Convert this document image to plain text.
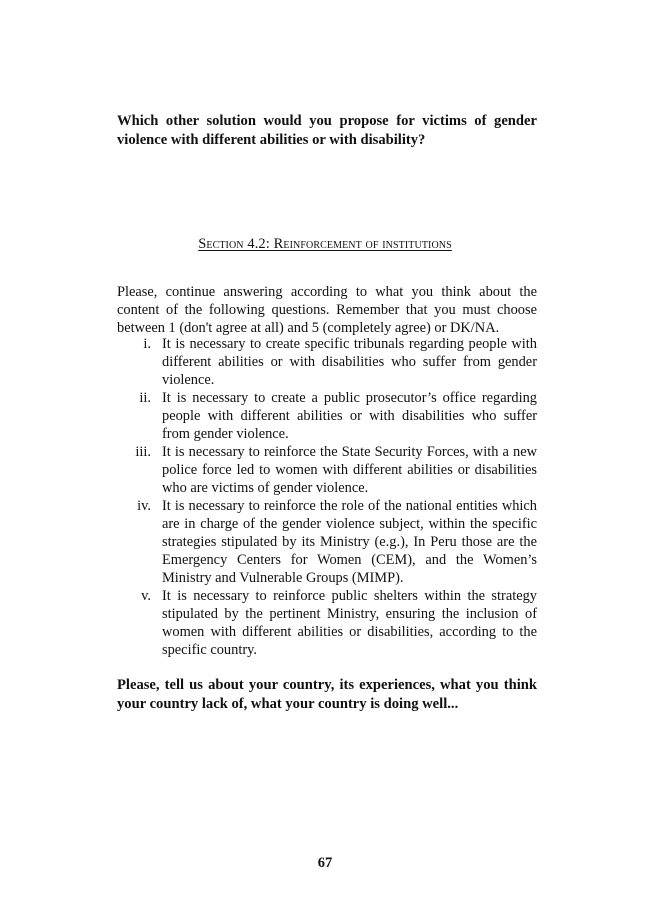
Which other solution would you propose for victims of gender violence with different abilities or with disability?

Section 4.2: Reinforcement of institutions

Please, continue answering according to what you think about the content of the following questions. Remember that you must choose between 1 (don't agree at all) and 5 (completely agree) or DK/NA.

i. It is necessary to create specific tribunals regarding people with different abilities or with disabilities who suffer from gender violence.
ii. It is necessary to create a public prosecutor’s office regarding people with different abilities or with disabilities who suffer from gender violence.
iii. It is necessary to reinforce the State Security Forces, with a new police force led to women with different abilities or disabilities who are victims of gender violence.
iv. It is necessary to reinforce the role of the national entities which are in charge of the gender violence subject, within the specific strategies stipulated by its Ministry (e.g.), In Peru those are the Emergency Centers for Women (CEM), and the Women’s Ministry and Vulnerable Groups (MIMP).
v. It is necessary to reinforce public shelters within the strategy stipulated by the pertinent Ministry, ensuring the inclusion of women with different abilities or disabilities, according to the specific country.

Please, tell us about your country, its experiences, what you think your country lack of, what your country is doing well...

67
